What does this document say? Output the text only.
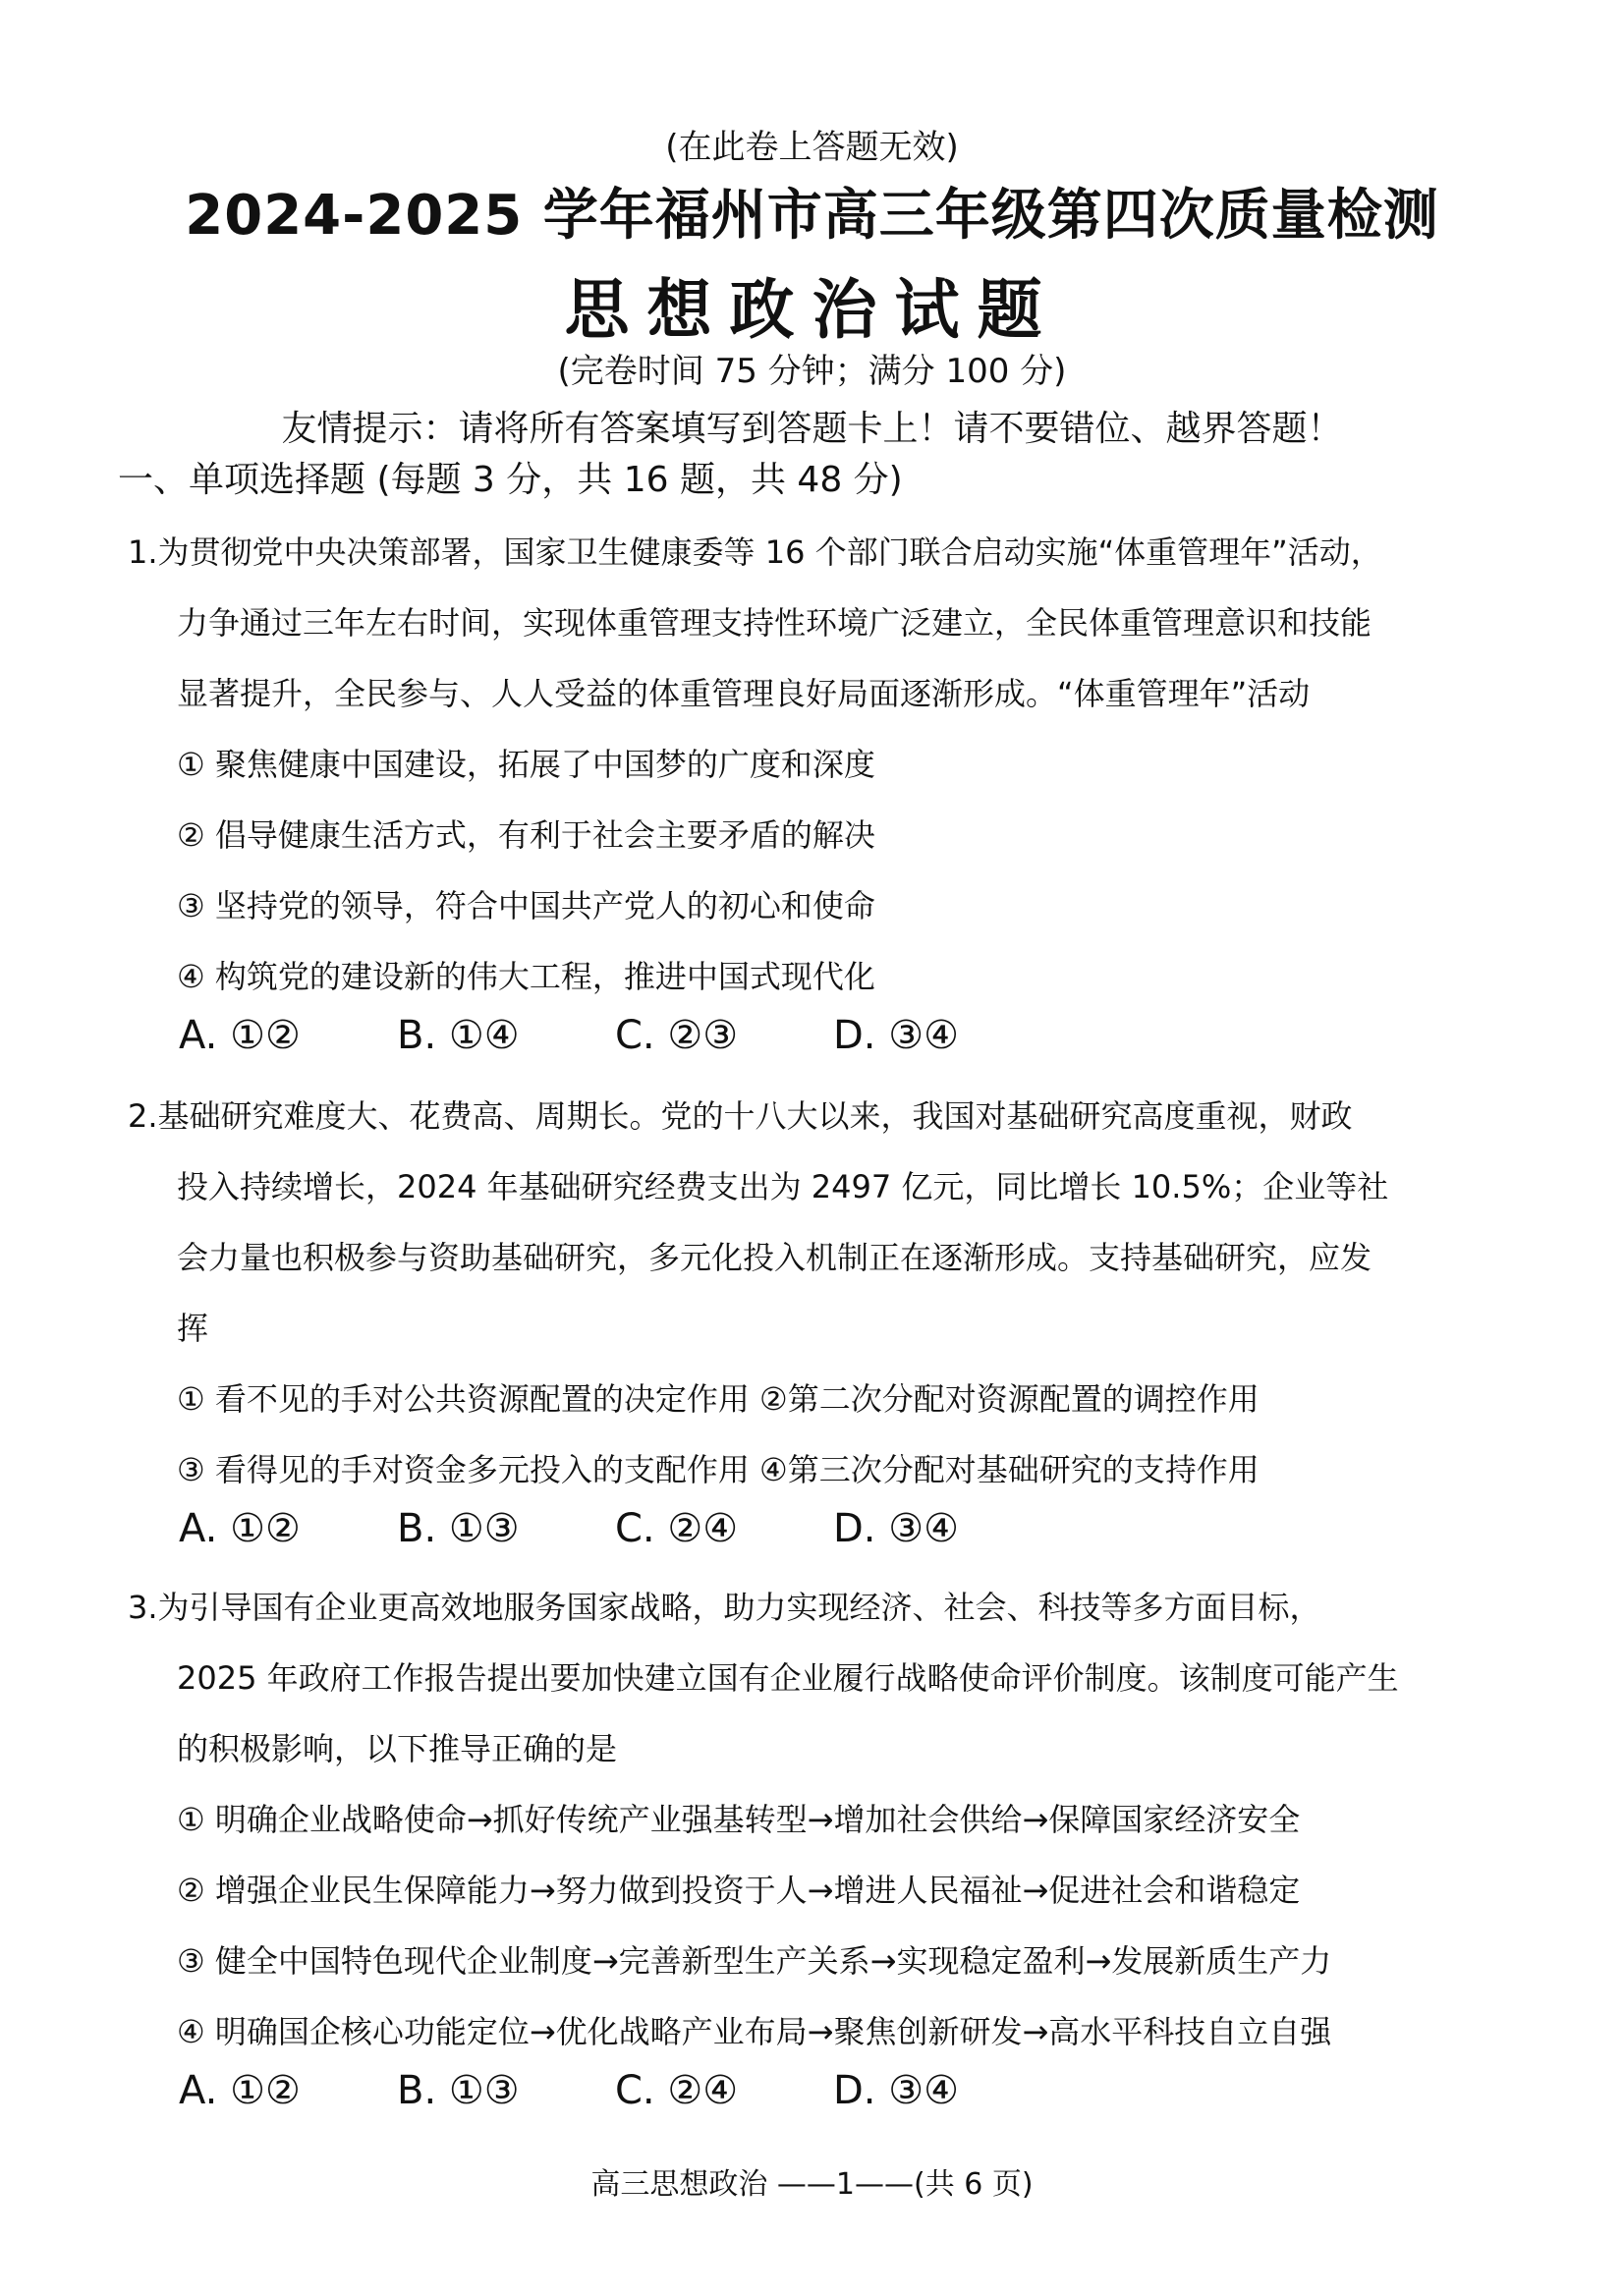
(在此卷上答题无效)
2024-2025 学年福州市高三年级第四次质量检测
思想政治试题
(完卷时间 75 分钟；满分 100 分)
友情提示：请将所有答案填写到答题卡上！请不要错位、越界答题！
一、单项选择题 (每题 3 分，共 16 题，共 48 分)
1.为贯彻党中央决策部署，国家卫生健康委等 16 个部门联合启动实施“体重管理年”活动，
力争通过三年左右时间，实现体重管理支持性环境广泛建立，全民体重管理意识和技能
显著提升，全民参与、人人受益的体重管理良好局面逐渐形成。“体重管理年”活动
① 聚焦健康中国建设，拓展了中国梦的广度和深度
② 倡导健康生活方式，有利于社会主要矛盾的解决
③ 坚持党的领导，符合中国共产党人的初心和使命
④ 构筑党的建设新的伟大工程，推进中国式现代化
A. ①② B. ①④ C. ②③ D. ③④
2.基础研究难度大、花费高、周期长。党的十八大以来，我国对基础研究高度重视，财政
投入持续增长，2024 年基础研究经费支出为 2497 亿元，同比增长 10.5%；企业等社
会力量也积极参与资助基础研究，多元化投入机制正在逐渐形成。支持基础研究，应发
挥
① 看不见的手对公共资源配置的决定作用 ②第二次分配对资源配置的调控作用
③ 看得见的手对资金多元投入的支配作用 ④第三次分配对基础研究的支持作用
A. ①② B. ①③ C. ②④ D. ③④
3.为引导国有企业更高效地服务国家战略，助力实现经济、社会、科技等多方面目标，
2025 年政府工作报告提出要加快建立国有企业履行战略使命评价制度。该制度可能产生
的积极影响，以下推导正确的是
① 明确企业战略使命→抓好传统产业强基转型→增加社会供给→保障国家经济安全
② 增强企业民生保障能力→努力做到投资于人→增进人民福祉→促进社会和谐稳定
③ 健全中国特色现代企业制度→完善新型生产关系→实现稳定盈利→发展新质生产力
④ 明确国企核心功能定位→优化战略产业布局→聚焦创新研发→高水平科技自立自强
A. ①② B. ①③ C. ②④ D. ③④
高三思想政治 ——1——(共 6 页)
